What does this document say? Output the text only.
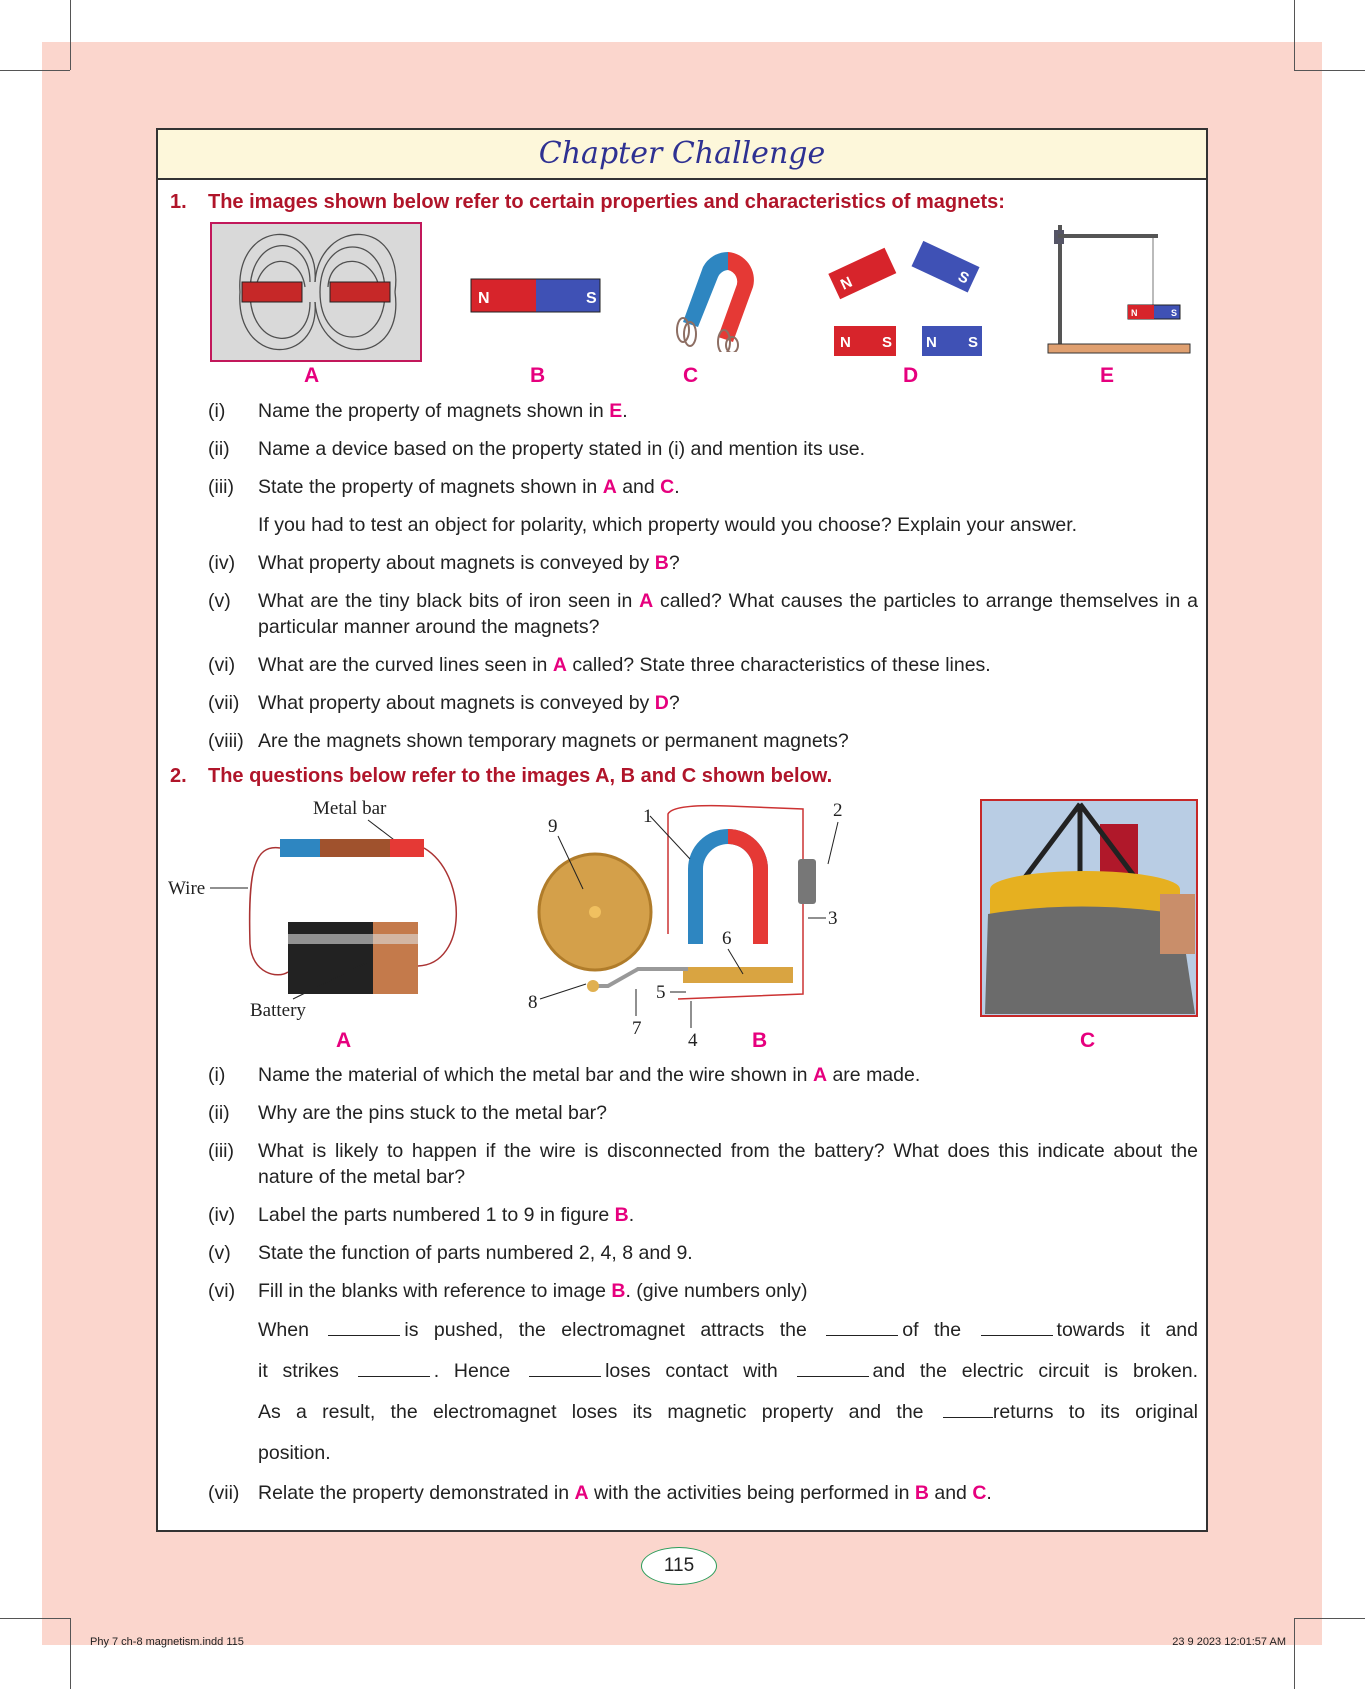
Chapter Challenge
1. The images shown below refer to certain properties and characteristics of magnets:
N	S
N	S
N S N S
N	S
A	B	C	D	E
(i)	Name the property of magnets shown in E.
(ii)	Name a device based on the property stated in (i) and mention its use.
(iii)	State the property of magnets shown in A and C.
If you had to test an object for polarity, which property would you choose? Explain your answer.
(iv)	What property about magnets is conveyed by B?
(v)	What are the tiny black bits of iron seen in A called? What causes the particles to arrange themselves in a particular manner around the magnets?
(vi)	What are the curved lines seen in A called? State three characteristics of these lines.
(vii) What property about magnets is conveyed by D?
(viii) Are the magnets shown temporary magnets or permanent magnets?
2. The questions below refer to the images A, B and C shown below.
Metal bar
Wire
Battery
1	2
3
4
5
6
7
8
9
A	B	C
(i)	Name the material of which the metal bar and the wire shown in A are made.
(ii)	Why are the pins stuck to the metal bar?
(iii)	What is likely to happen if the wire is disconnected from the battery? What does this indicate about the nature of the metal bar?
(iv)	Label the parts numbered 1 to 9 in figure B.
(v)	State the function of parts numbered 2, 4, 8 and 9.
(vi)	Fill in the blanks with reference to image B. (give numbers only)
When	is pushed, the electromagnet attracts the	of the	towards it and
it strikes	. Hence	loses contact with	and the electric circuit is broken.
As a result, the electromagnet loses its magnetic property and the	returns to its original
position.
(vii) Relate the property demonstrated in A with the activities being performed in B and C.
115
Phy 7 ch-8 magnetism.indd 115	23 9 2023 12:01:57 AM
